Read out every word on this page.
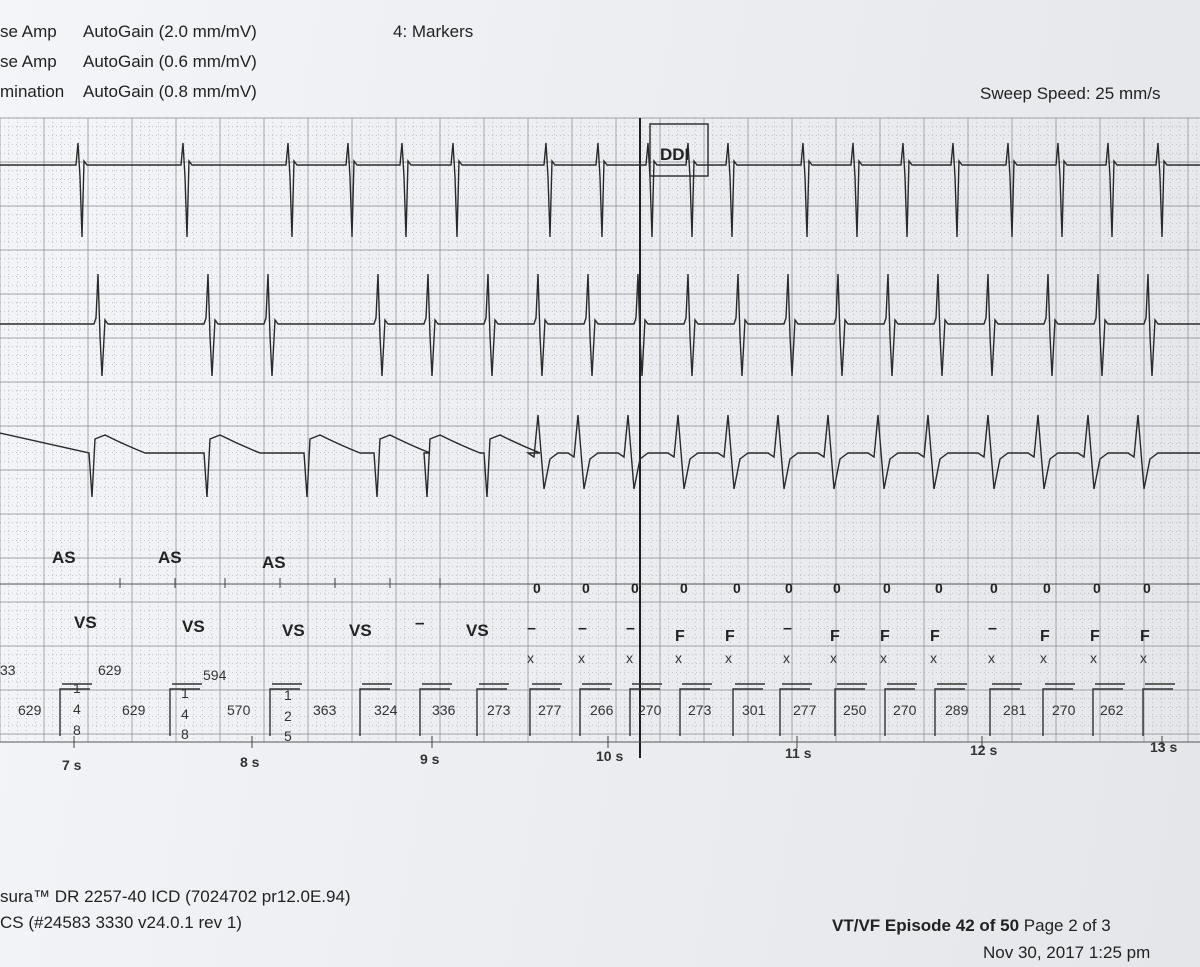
se Amp AutoGain (2.0 mm/mV)
se Amp AutoGain (0.6 mm/mV)
mination AutoGain (0.8 mm/mV)
4: Markers
Sweep Speed: 25 mm/s
DDI
AS	AS	AS
VS	VS	VS	VS	VS
–
0	0	0	0	0	0	0	0	0	0	0	0	0
F	F	F	F	F	F	F	F
–	– –	–	–
x	x	x	x	x	x	x	x	x	x	x	x	x
33	629	594
1
4
8
1
4
8
1
2
5
629	629	570	363	324 336 273 277 266 270 273 301 277 250 270 289 281 270 262
7 s	8 s	9 s	10 s	11 s	12 s	13 s
sura™ DR 2257-40 ICD (7024702 pr12.0E.94)
CS (#24583 3330 v24.0.1 rev 1)	VT/VF Episode 42 of 50 Page 2 of 3
Nov 30, 2017 1:25 pm
